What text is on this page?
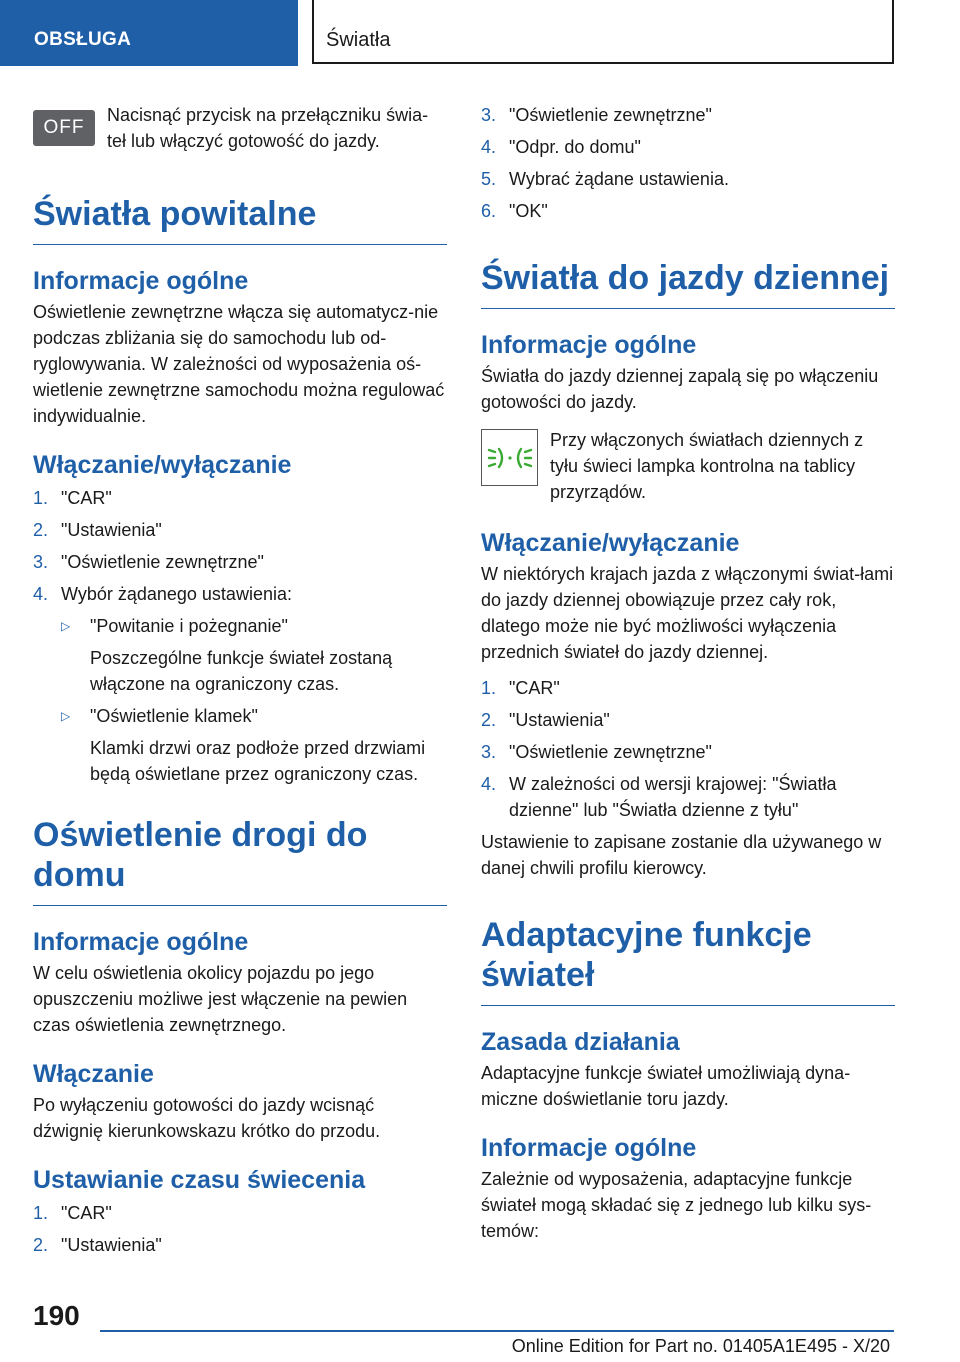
OBSŁUGA	Światła
OFF

Nacisnąć przycisk na przełączniku świa-teł lub włączyć gotowość do jazdy.

Światła powitalne
Informacje ogólne

Oświetlenie zewnętrzne włącza się automatycz-nie podczas zbliżania się do samochodu lub od-ryglowywania. W zależności od wyposażenia oś-wietlenie zewnętrzne samochodu można regulować indywidualnie.

Włączanie/wyłączanie
1. "CAR"
2. "Ustawienia"
3. "Oświetlenie zewnętrzne"
4. Wybór żądanego ustawienia:
▷	"Powitanie i pożegnanie"

Poszczególne funkcje świateł zostaną włączone na ograniczony czas.

▷	"Oświetlenie klamek"

Klamki drzwi oraz podłoże przed drzwiami będą oświetlane przez ograniczony czas.

Oświetlenie drogi do domu
Informacje ogólne

W celu oświetlenia okolicy pojazdu po jego opuszczeniu możliwe jest włączenie na pewien czas oświetlenia zewnętrznego.

Włączanie

Po wyłączeniu gotowości do jazdy wcisnąć dźwignię kierunkowskazu krótko do przodu.

Ustawianie czasu świecenia
1. "CAR"
2. "Ustawienia"
3. "Oświetlenie zewnętrzne"
4. "Odpr. do domu"
5. Wybrać żądane ustawienia.
6. "OK"
Światła do jazdy dziennej
Informacje ogólne

Światła do jazdy dziennej zapalą się po włączeniu gotowości do jazdy.

Przy włączonych światłach dziennych z tyłu świeci lampka kontrolna na tablicy przyrządów.

Włączanie/wyłączanie

W niektórych krajach jazda z włączonymi świat-łami do jazdy dziennej obowiązuje przez cały rok, dlatego może nie być możliwości wyłączenia przednich świateł do jazdy dziennej.

1. "CAR"
2. "Ustawienia"
3. "Oświetlenie zewnętrzne"
4. W zależności od wersji krajowej: "Światła dzienne" lub "Światła dzienne z tyłu"

Ustawienie to zapisane zostanie dla używanego w danej chwili profilu kierowcy.

Adaptacyjne funkcje świateł
Zasada działania

Adaptacyjne funkcje świateł umożliwiają dyna-miczne doświetlanie toru jazdy.

Informacje ogólne

Zależnie od wyposażenia, adaptacyjne funkcje świateł mogą składać się z jednego lub kilku sys-temów:

190
Online Edition for Part no. 01405A1E495 - X/20
